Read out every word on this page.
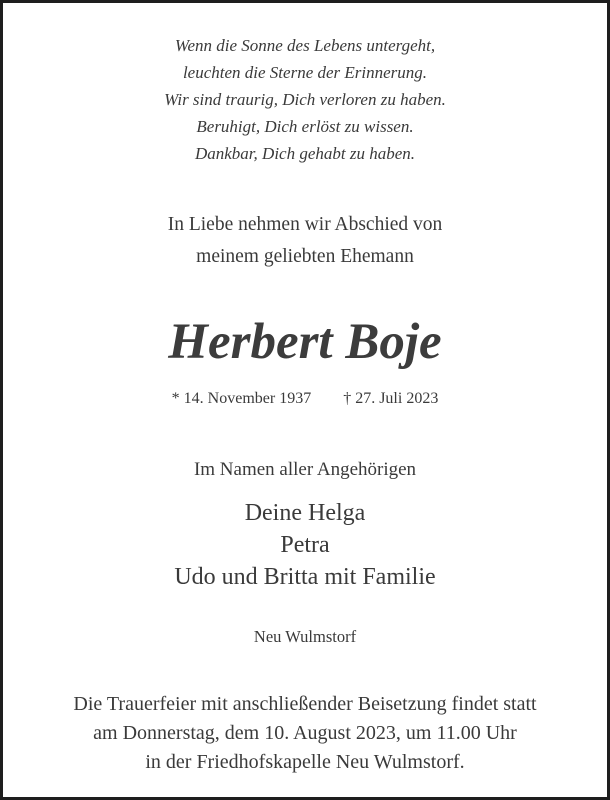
Wenn die Sonne des Lebens untergeht,
leuchten die Sterne der Erinnerung.
Wir sind traurig, Dich verloren zu haben.
Beruhigt, Dich erlöst zu wissen.
Dankbar, Dich gehabt zu haben.
In Liebe nehmen wir Abschied von
meinem geliebten Ehemann
Herbert Boje
* 14. November 1937 † 27. Juli 2023
Im Namen aller Angehörigen
Deine Helga
Petra
Udo und Britta mit Familie
Neu Wulmstorf
Die Trauerfeier mit anschließender Beisetzung findet statt
am Donnerstag, dem 10. August 2023, um 11.00 Uhr
in der Friedhofskapelle Neu Wulmstorf.
